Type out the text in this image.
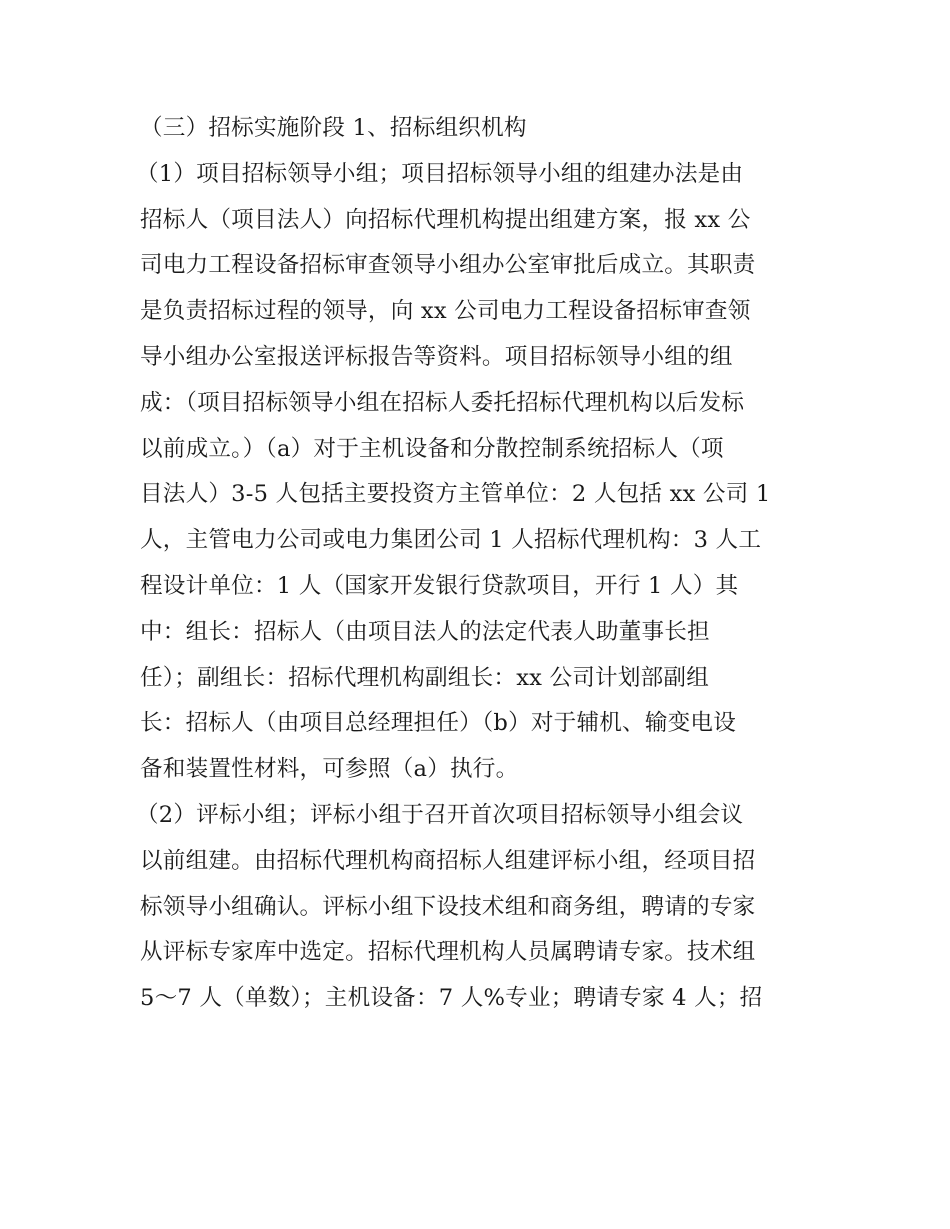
（三）招标实施阶段 1、招标组织机构
（1）项目招标领导小组；项目招标领导小组的组建办法是由
招标人（项目法人）向招标代理机构提出组建方案，报 xx 公
司电力工程设备招标审查领导小组办公室审批后成立。其职责
是负责招标过程的领导，向 xx 公司电力工程设备招标审查领
导小组办公室报送评标报告等资料。项目招标领导小组的组
成：（项目招标领导小组在招标人委托招标代理机构以后发标
以前成立。）（a）对于主机设备和分散控制系统招标人（项
目法人）3-5 人包括主要投资方主管单位：2 人包括 xx 公司 1
人，主管电力公司或电力集团公司 1 人招标代理机构：3 人工
程设计单位：1 人（国家开发银行贷款项目，开行 1 人）其
中：组长：招标人（由项目法人的法定代表人助董事长担
任）；副组长：招标代理机构副组长：xx 公司计划部副组
长：招标人（由项目总经理担任）（b）对于辅机、输变电设
备和装置性材料，可参照（a）执行。
（2）评标小组；评标小组于召开首次项目招标领导小组会议
以前组建。由招标代理机构商招标人组建评标小组，经项目招
标领导小组确认。评标小组下设技术组和商务组，聘请的专家
从评标专家库中选定。招标代理机构人员属聘请专家。技术组
5～7 人（单数）；主机设备：7 人%专业；聘请专家 4 人；招
